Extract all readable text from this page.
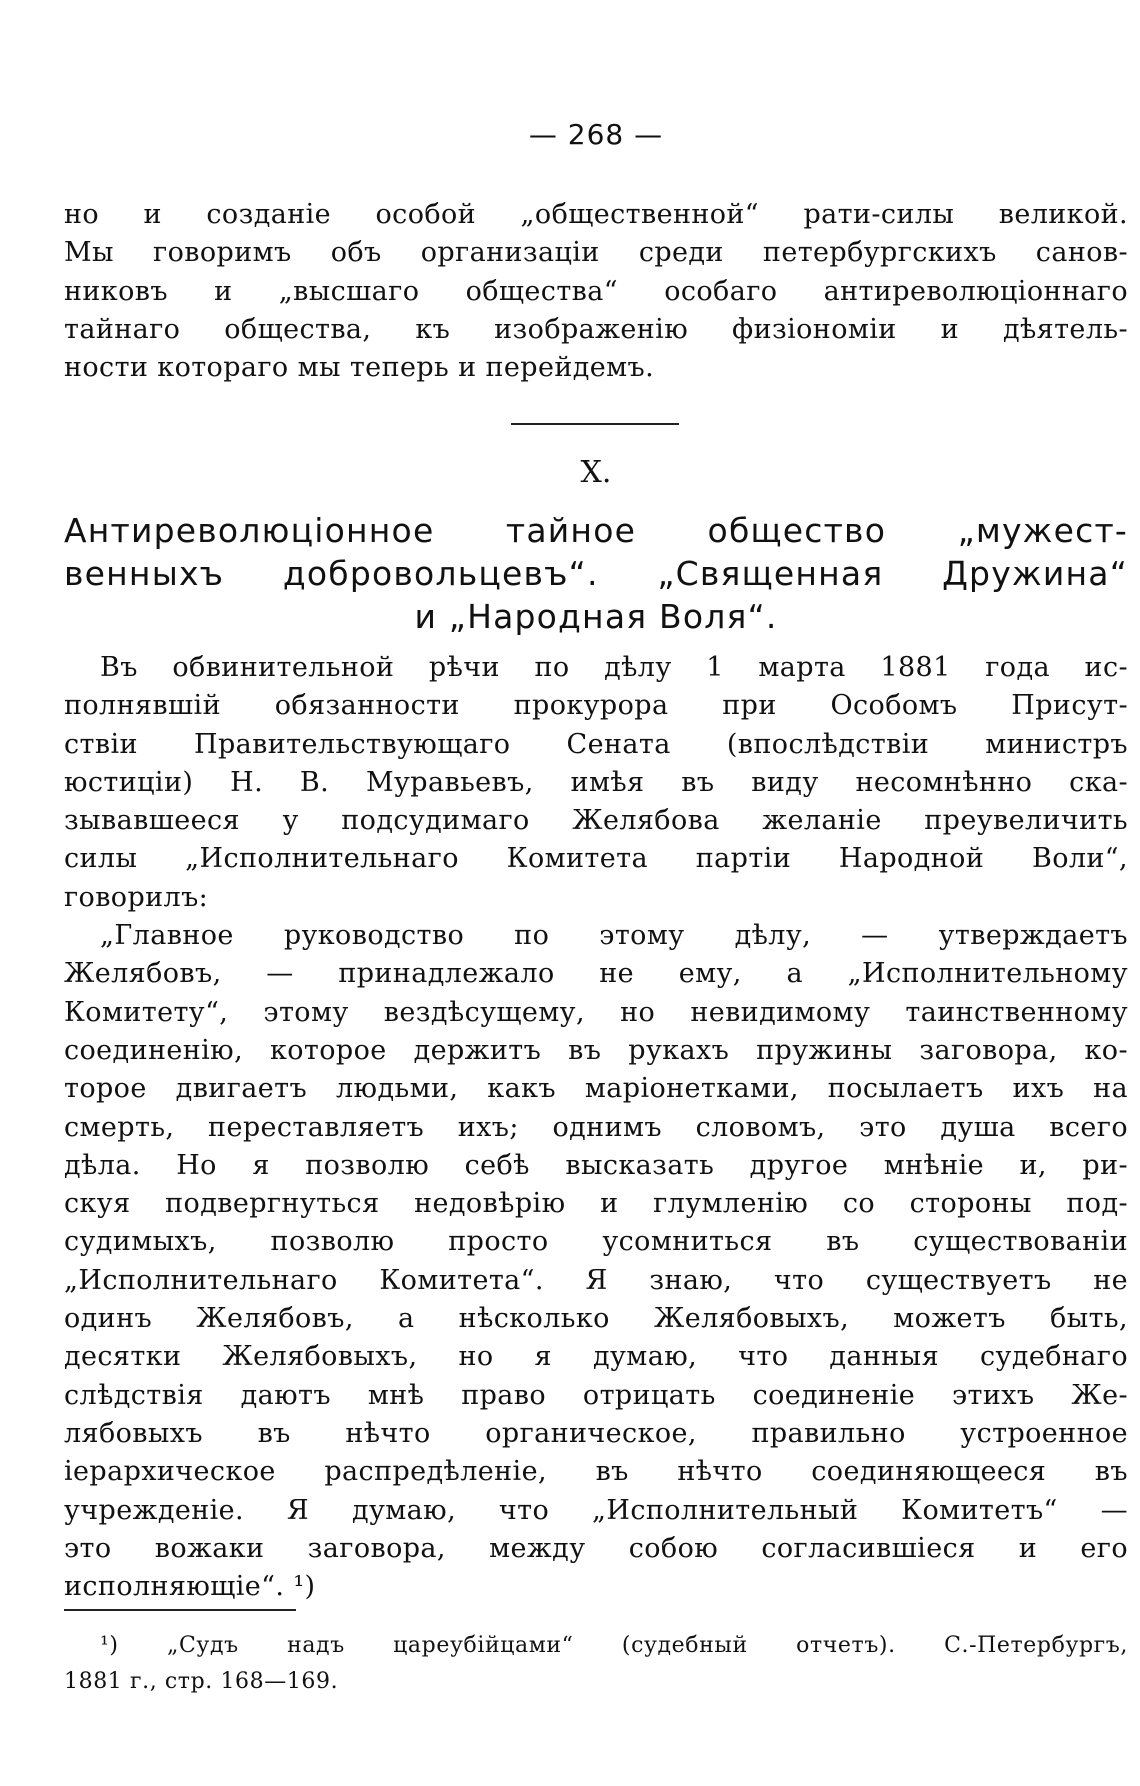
— 268 —
но и созданіе особой „общественной“ рати-силы великой.
Мы говоримъ объ организаціи среди петербургскихъ санов-
никовъ и „высшаго общества“ особаго антиреволюціоннаго
тайнаго общества, къ изображенію физіономіи и дѣятель-
ности котораго мы теперь и перейдемъ.
X.
Антиреволюціонное тайное общество „мужест-
венныхъ добровольцевъ“. „Священная Дружина“
и „Народная Воля“.
Въ обвинительной рѣчи по дѣлу 1 марта 1881 года ис-
полнявшій обязанности прокурора при Особомъ Присут-
ствіи Правительствующаго Сената (впослѣдствіи министръ
юстиціи) Н. В. Муравьевъ, имѣя въ виду несомнѣнно ска-
зывавшееся у подсудимаго Желябова желаніе преувеличить
силы „Исполнительнаго Комитета партіи Народной Воли“,
говорилъ:
„Главное руководство по этому дѣлу, — утверждаетъ
Желябовъ, — принадлежало не ему, а „Исполнительному
Комитету“, этому вездѣсущему, но невидимому таинственному
соединенію, которое держитъ въ рукахъ пружины заговора, ко-
торое двигаетъ людьми, какъ маріонетками, посылаетъ ихъ на
смерть, переставляетъ ихъ; однимъ словомъ, это душа всего
дѣла. Но я позволю себѣ высказать другое мнѣніе и, ри-
скуя подвергнуться недовѣрію и глумленію со стороны под-
судимыхъ, позволю просто усомниться въ существованіи
„Исполнительнаго Комитета“. Я знаю, что существуетъ не
одинъ Желябовъ, а нѣсколько Желябовыхъ, можетъ быть,
десятки Желябовыхъ, но я думаю, что данныя судебнаго
слѣдствія даютъ мнѣ право отрицать соединеніе этихъ Же-
лябовыхъ въ нѣчто органическое, правильно устроенное
іерархическое распредѣленіе, въ нѣчто соединяющееся въ
учрежденіе. Я думаю, что „Исполнительный Комитетъ“ —
это вожаки заговора, между собою согласившіеся и его
исполняющіе“. ¹)
¹) „Судъ надъ цареубійцами“ (судебный отчетъ). С.-Петербургъ,
1881 г., стр. 168—169.
